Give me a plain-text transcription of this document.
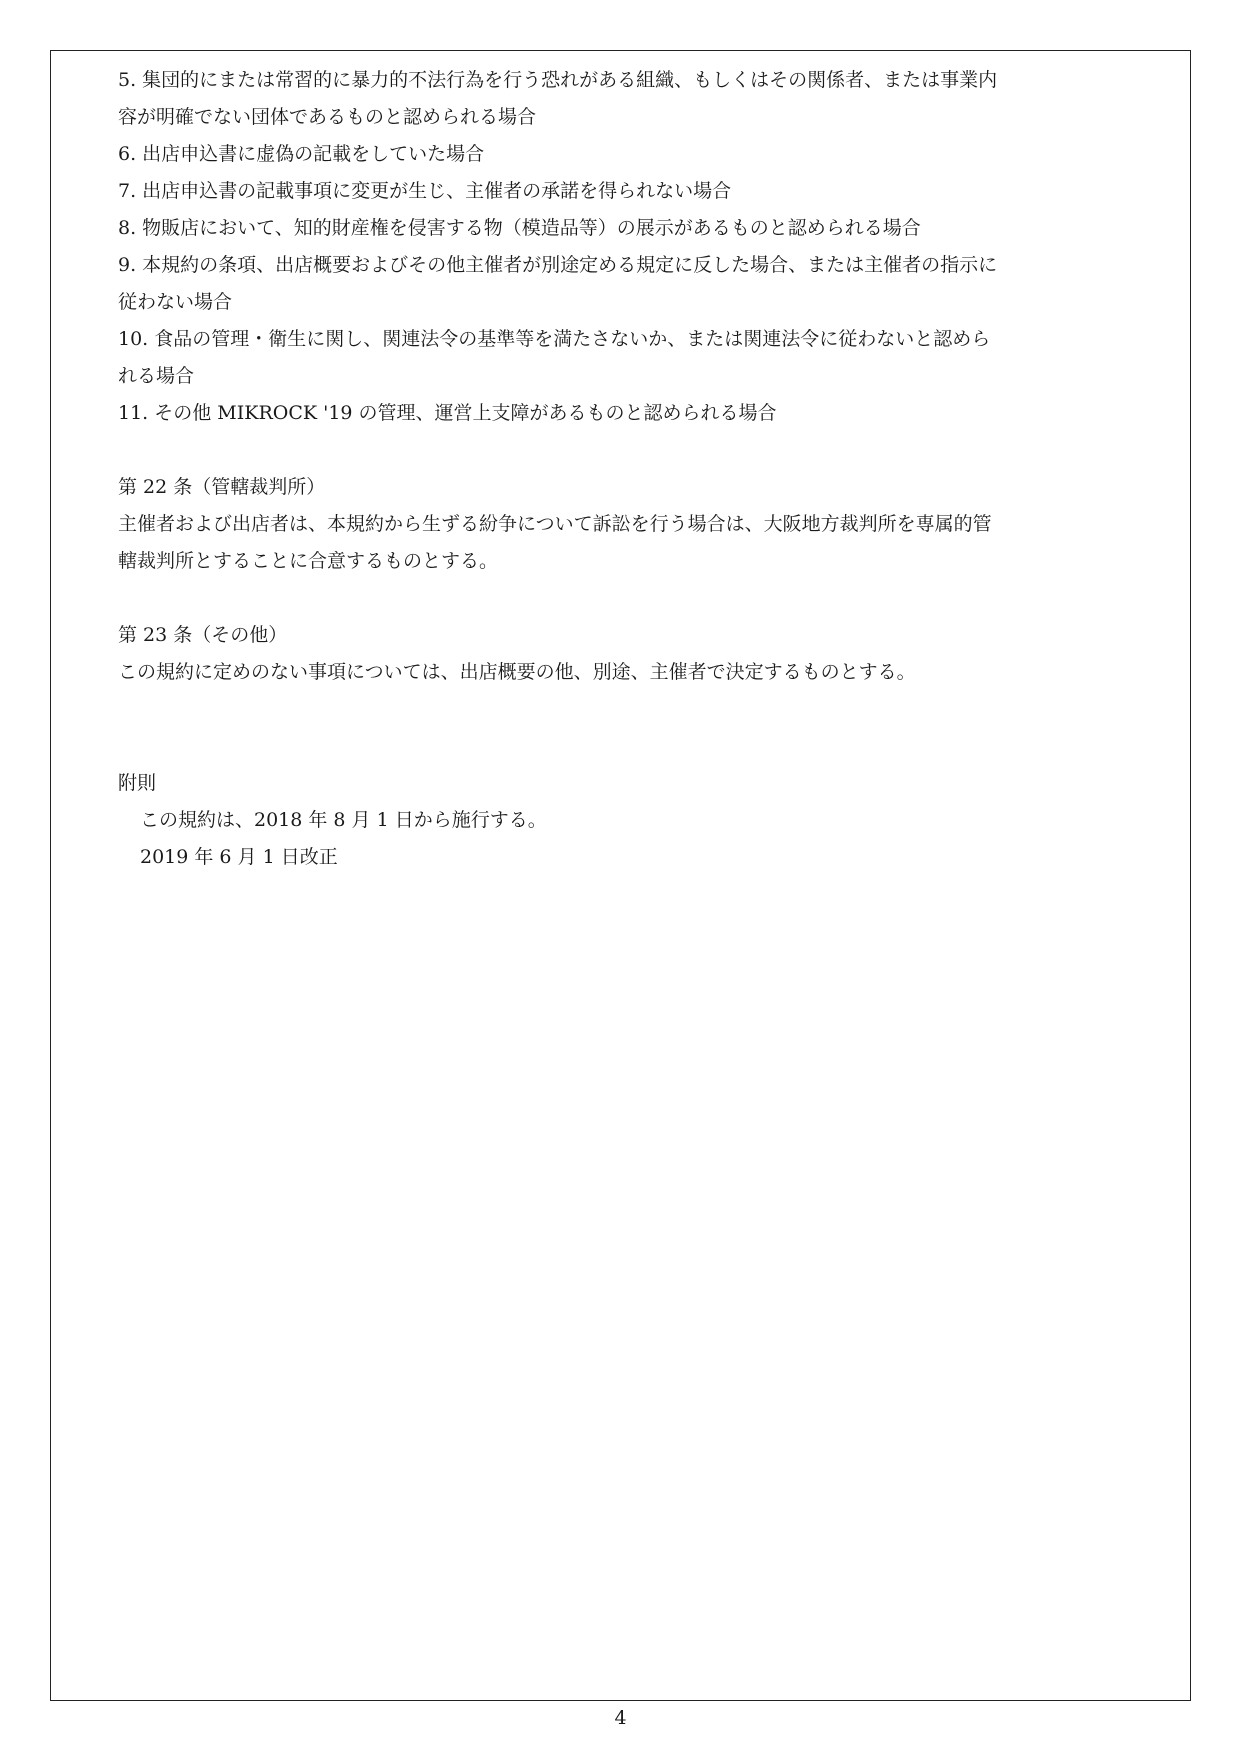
5. 集団的にまたは常習的に暴力的不法行為を行う恐れがある組織、もしくはその関係者、または事業内
容が明確でない団体であるものと認められる場合
6. 出店申込書に虚偽の記載をしていた場合
7. 出店申込書の記載事項に変更が生じ、主催者の承諾を得られない場合
8. 物販店において、知的財産権を侵害する物（模造品等）の展示があるものと認められる場合
9. 本規約の条項、出店概要およびその他主催者が別途定める規定に反した場合、または主催者の指示に
従わない場合
10. 食品の管理・衛生に関し、関連法令の基準等を満たさないか、または関連法令に従わないと認めら
れる場合
11. その他 MIKROCK '19 の管理、運営上支障があるものと認められる場合
第 22 条（管轄裁判所）
主催者および出店者は、本規約から生ずる紛争について訴訟を行う場合は、大阪地方裁判所を専属的管
轄裁判所とすることに合意するものとする。
第 23 条（その他）
この規約に定めのない事項については、出店概要の他、別途、主催者で決定するものとする。
附則
この規約は、2018 年 8 月 1 日から施行する。
2019 年 6 月 1 日改正
4
